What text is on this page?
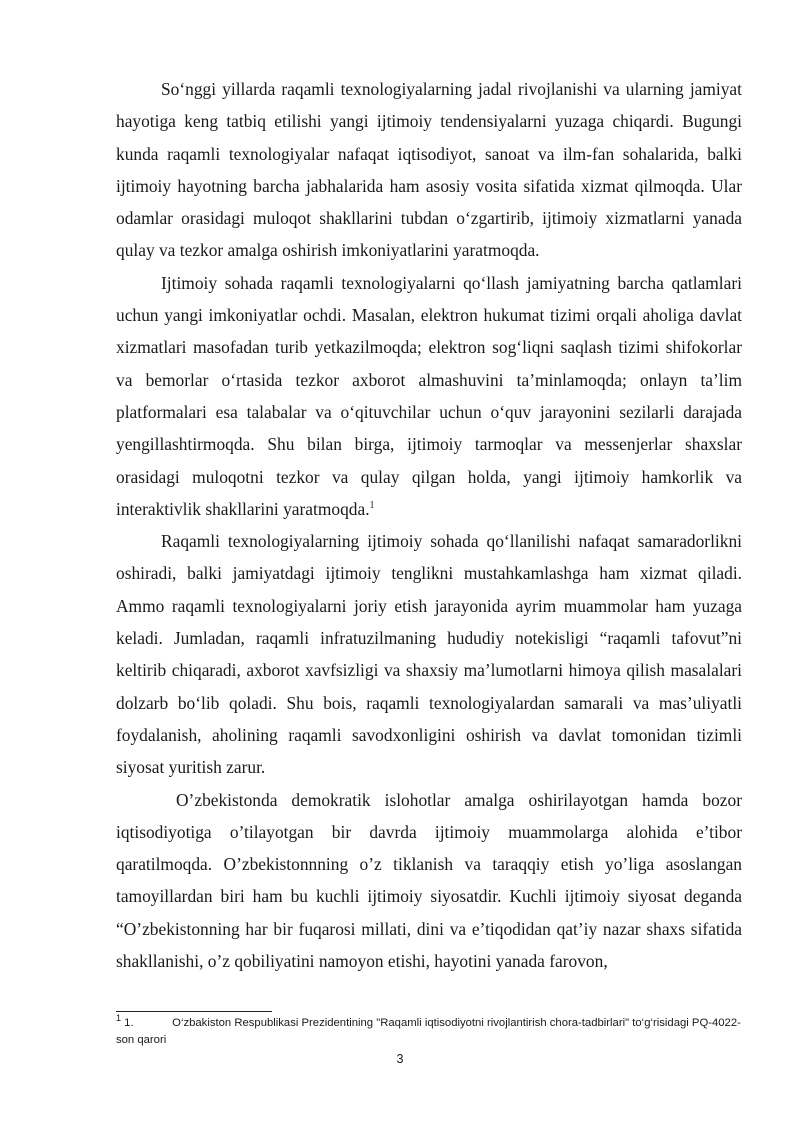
So‘nggi yillarda raqamli texnologiyalarning jadal rivojlanishi va ularning jamiyat hayotiga keng tatbiq etilishi yangi ijtimoiy tendensiyalarni yuzaga chiqardi. Bugungi kunda raqamli texnologiyalar nafaqat iqtisodiyot, sanoat va ilm-fan sohalarida, balki ijtimoiy hayotning barcha jabhalarida ham asosiy vosita sifatida xizmat qilmoqda. Ular odamlar orasidagi muloqot shakllarini tubdan o‘zgartirib, ijtimoiy xizmatlarni yanada qulay va tezkor amalga oshirish imkoniyatlarini yaratmoqda.

Ijtimoiy sohada raqamli texnologiyalarni qo‘llash jamiyatning barcha qatlamlari uchun yangi imkoniyatlar ochdi. Masalan, elektron hukumat tizimi orqali aholiga davlat xizmatlari masofadan turib yetkazilmoqda; elektron sog‘liqni saqlash tizimi shifokorlar va bemorlar o‘rtasida tezkor axborot almashuvini ta’minlamoqda; onlayn ta’lim platformalari esa talabalar va o‘qituvchilar uchun o‘quv jarayonini sezilarli darajada yengillashtirmoqda. Shu bilan birga, ijtimoiy tarmoqlar va messenjerlar shaxslar orasidagi muloqotni tezkor va qulay qilgan holda, yangi ijtimoiy hamkorlik va interaktivlik shakllarini yaratmoqda.$^1$

Raqamli texnologiyalarning ijtimoiy sohada qo‘llanilishi nafaqat samaradorlikni oshiradi, balki jamiyatdagi ijtimoiy tenglikni mustahkamlashga ham xizmat qiladi. Ammo raqamli texnologiyalarni joriy etish jarayonida ayrim muammolar ham yuzaga keladi. Jumladan, raqamli infratuzilmaning hududiy notekisligi “raqamli tafovut”ni keltirib chiqaradi, axborot xavfsizligi va shaxsiy ma’lumotlarni himoya qilish masalalari dolzarb bo‘lib qoladi. Shu bois, raqamli texnologiyalardan samarali va mas’uliyatli foydalanish, aholining raqamli savodxonligini oshirish va davlat tomonidan tizimli siyosat yuritish zarur.

O’zbekistonda demokratik islohotlar amalga oshirilayotgan hamda bozor iqtisodiyotiga o’tilayotgan bir davrda ijtimoiy muammolarga alohida e’tibor qaratilmoqda. O’zbekistonnning o’z tiklanish va taraqqiy etish yo’liga asoslangan tamoyillardan biri ham bu kuchli ijtimoiy siyosatdir. Kuchli ijtimoiy siyosat deganda “O’zbekistonning har bir fuqarosi millati, dini va e’tiqodidan qat’iy nazar shaxs sifatida shakllanishi, o’z qobiliyatini namoyon etishi, hayotini yanada farovon,

$^1$ 1.	O‘zbakiston Respublikasi Prezidentining "Raqamli iqtisodiyotni rivojlantirish chora-tadbirlari" to‘g‘risidagi PQ-4022-son qarori
3
